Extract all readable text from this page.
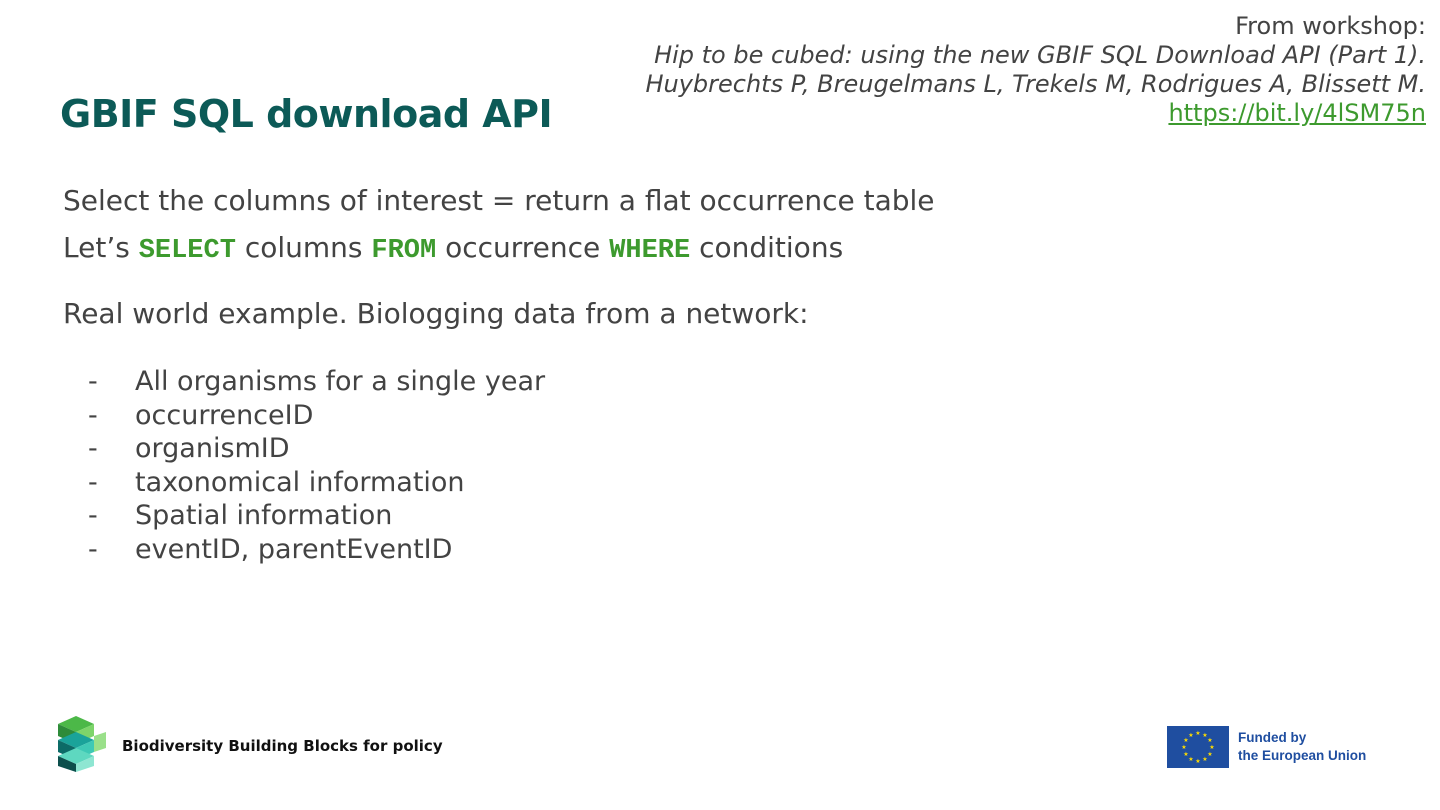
GBIF SQL download API
From workshop:
Hip to be cubed: using the new GBIF SQL Download API (Part 1).
Huybrechts P, Breugelmans L, Trekels M, Rodrigues A, Blissett M.
https://bit.ly/4lSM75n
Select the columns of interest = return a flat occurrence table
Let’s SELECT columns FROM occurrence WHERE conditions
Real world example. Biologging data from a network:
- All organisms for a single year
- occurrenceID
- organismID
- taxonomical information
- Spatial information
- eventID, parentEventID
Biodiversity Building Blocks for policy
★ ★
★
★
★
★
★
★
★
★
★
★	Funded by
the European Union
